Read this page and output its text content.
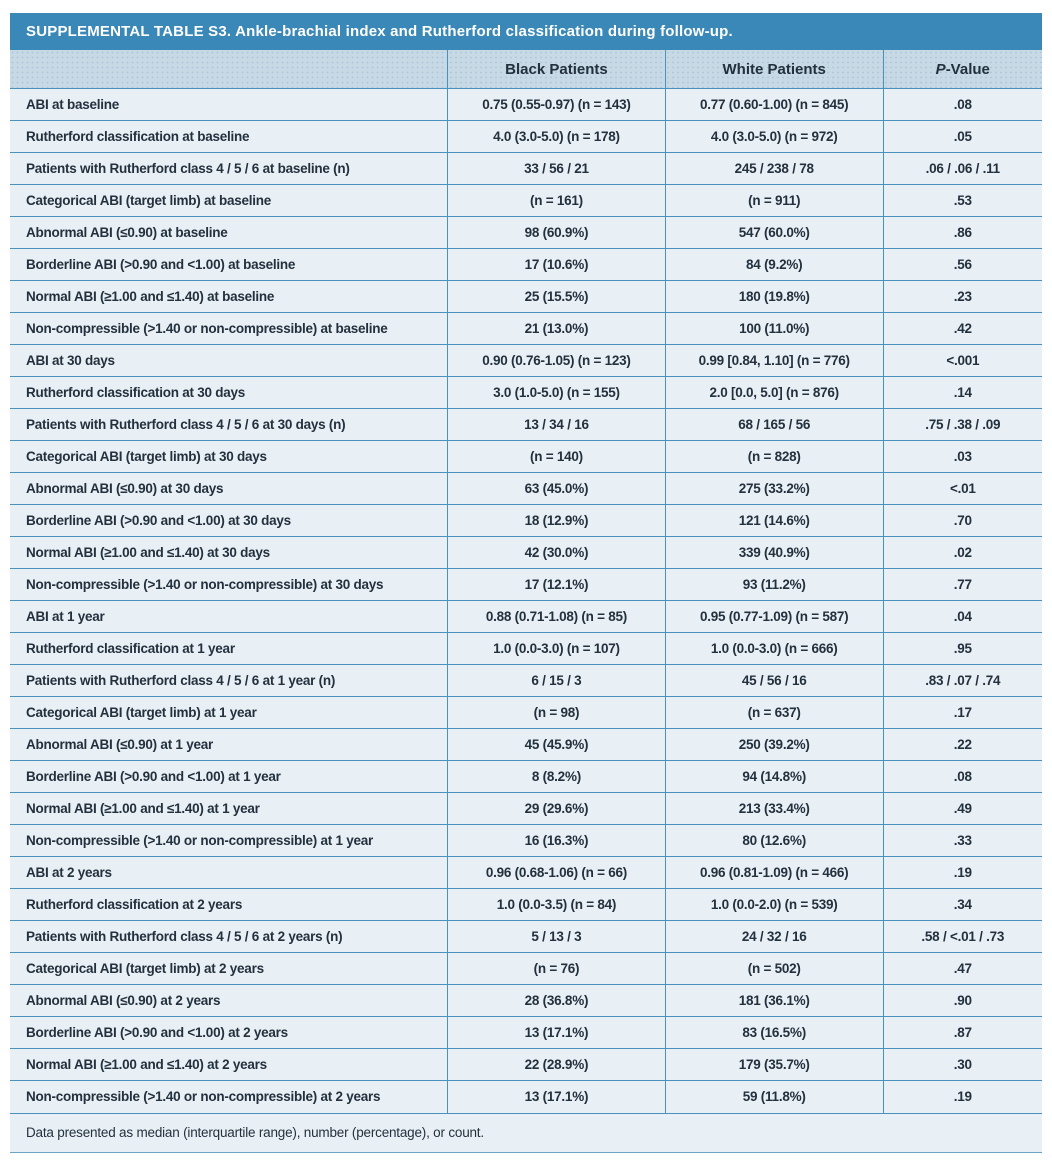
SUPPLEMENTAL TABLE S3. Ankle-brachial index and Rutherford classification during follow-up.
	Black Patients	White Patients	P-Value
ABI at baseline	0.75 (0.55-0.97) (n = 143)	0.77 (0.60-1.00) (n = 845)	.08
Rutherford classification at baseline	4.0 (3.0-5.0) (n = 178)	4.0 (3.0-5.0) (n = 972)	.05
Patients with Rutherford class 4 / 5 / 6 at baseline (n)	33 / 56 / 21	245 / 238 / 78	.06 / .06 / .11
Categorical ABI (target limb) at baseline	(n = 161)	(n = 911)	.53
Abnormal ABI (≤0.90) at baseline	98 (60.9%)	547 (60.0%)	.86
Borderline ABI (>0.90 and <1.00) at baseline	17 (10.6%)	84 (9.2%)	.56
Normal ABI (≥1.00 and ≤1.40) at baseline	25 (15.5%)	180 (19.8%)	.23
Non-compressible (>1.40 or non-compressible) at baseline	21 (13.0%)	100 (11.0%)	.42
ABI at 30 days	0.90 (0.76-1.05) (n = 123)	0.99 [0.84, 1.10] (n = 776)	<.001
Rutherford classification at 30 days	3.0 (1.0-5.0) (n = 155)	2.0 [0.0, 5.0] (n = 876)	.14
Patients with Rutherford class 4 / 5 / 6 at 30 days (n)	13 / 34 / 16	68 / 165 / 56	.75 / .38 / .09
Categorical ABI (target limb) at 30 days	(n = 140)	(n = 828)	.03
Abnormal ABI (≤0.90) at 30 days	63 (45.0%)	275 (33.2%)	<.01
Borderline ABI (>0.90 and <1.00) at 30 days	18 (12.9%)	121 (14.6%)	.70
Normal ABI (≥1.00 and ≤1.40) at 30 days	42 (30.0%)	339 (40.9%)	.02
Non-compressible (>1.40 or non-compressible) at 30 days	17 (12.1%)	93 (11.2%)	.77
ABI at 1 year	0.88 (0.71-1.08) (n = 85)	0.95 (0.77-1.09) (n = 587)	.04
Rutherford classification at 1 year	1.0 (0.0-3.0) (n = 107)	1.0 (0.0-3.0) (n = 666)	.95
Patients with Rutherford class 4 / 5 / 6 at 1 year (n)	6 / 15 / 3	45 / 56 / 16	.83 / .07 / .74
Categorical ABI (target limb) at 1 year	(n = 98)	(n = 637)	.17
Abnormal ABI (≤0.90) at 1 year	45 (45.9%)	250 (39.2%)	.22
Borderline ABI (>0.90 and <1.00) at 1 year	8 (8.2%)	94 (14.8%)	.08
Normal ABI (≥1.00 and ≤1.40) at 1 year	29 (29.6%)	213 (33.4%)	.49
Non-compressible (>1.40 or non-compressible) at 1 year	16 (16.3%)	80 (12.6%)	.33
ABI at 2 years	0.96 (0.68-1.06) (n = 66)	0.96 (0.81-1.09) (n = 466)	.19
Rutherford classification at 2 years	1.0 (0.0-3.5) (n = 84)	1.0 (0.0-2.0) (n = 539)	.34
Patients with Rutherford class 4 / 5 / 6 at 2 years (n)	5 / 13 / 3	24 / 32 / 16	.58 / <.01 / .73
Categorical ABI (target limb) at 2 years	(n = 76)	(n = 502)	.47
Abnormal ABI (≤0.90) at 2 years	28 (36.8%)	181 (36.1%)	.90
Borderline ABI (>0.90 and <1.00) at 2 years	13 (17.1%)	83 (16.5%)	.87
Normal ABI (≥1.00 and ≤1.40) at 2 years	22 (28.9%)	179 (35.7%)	.30
Non-compressible (>1.40 or non-compressible) at 2 years	13 (17.1%)	59 (11.8%)	.19
Data presented as median (interquartile range), number (percentage), or count.
